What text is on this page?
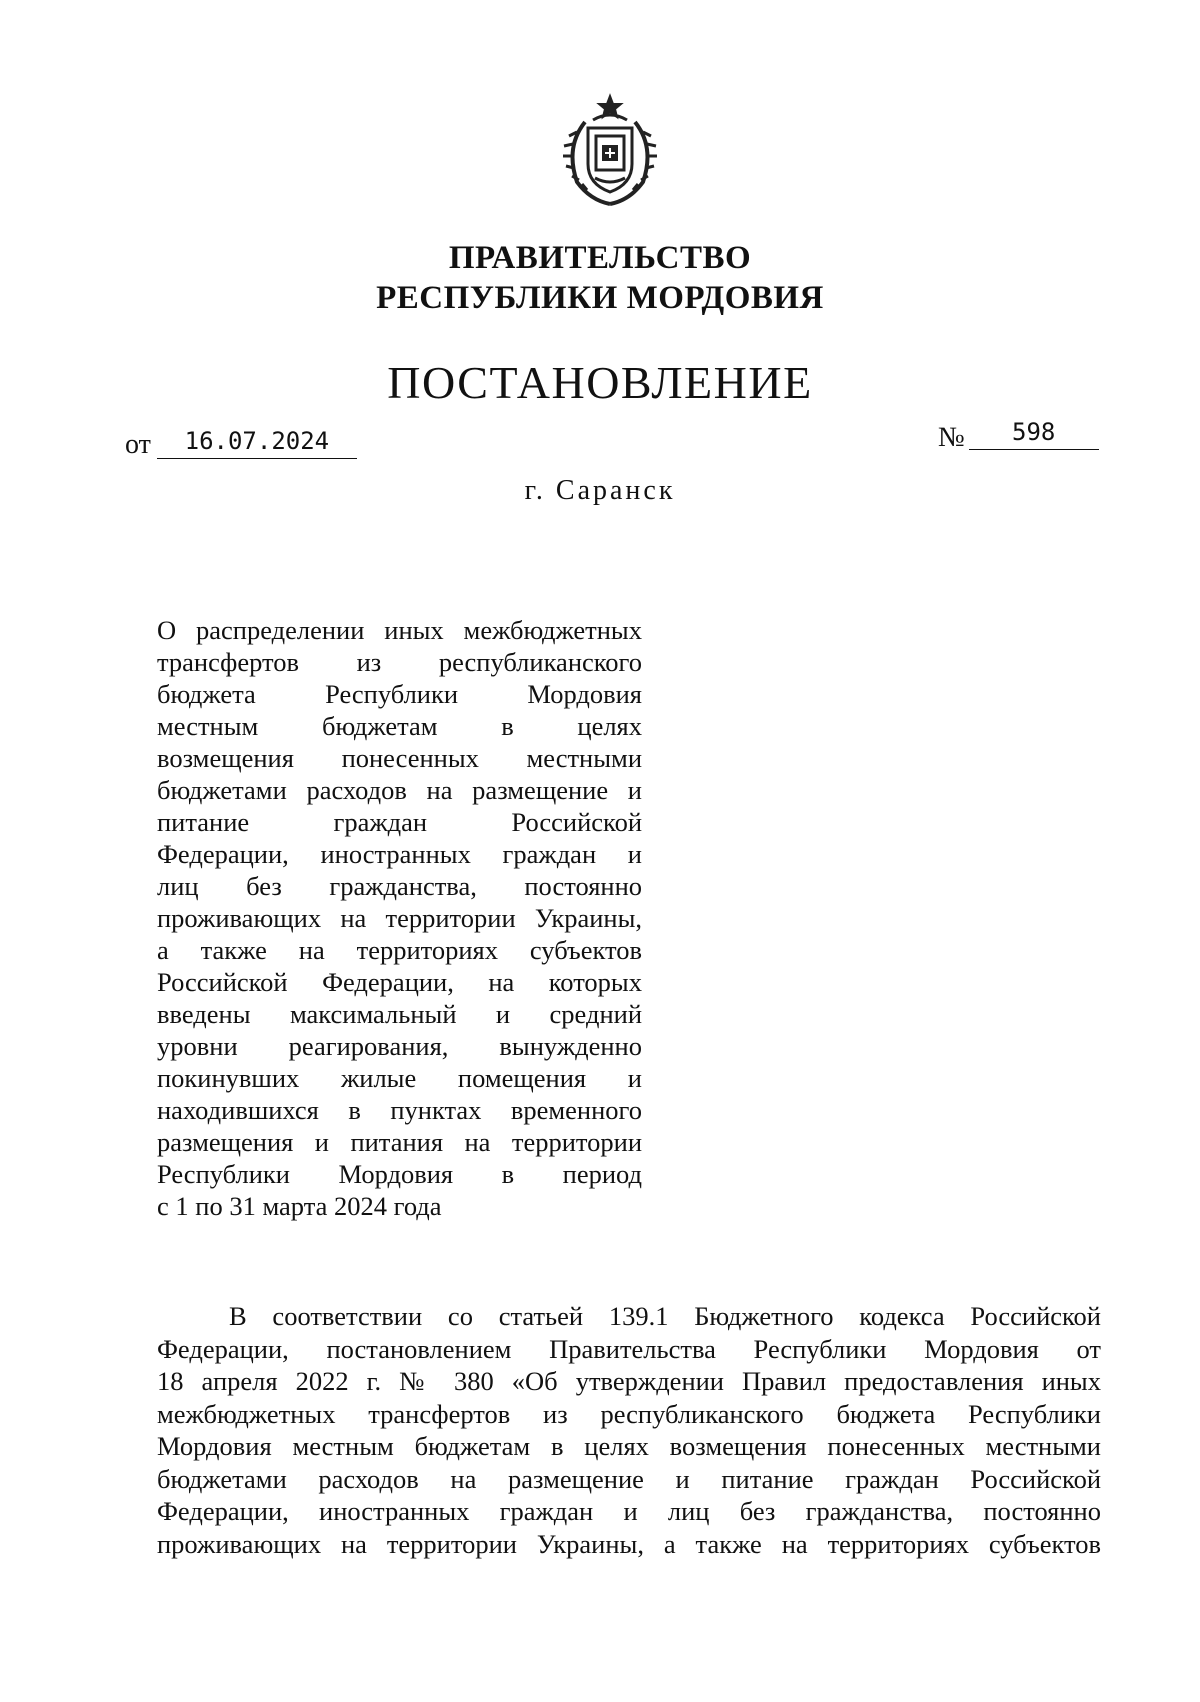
ПРАВИТЕЛЬСТВО
РЕСПУБЛИКИ МОРДОВИЯ
ПОСТАНОВЛЕНИЕ
от 16.07.2024	№ 598
г. Саранск
О распределении иных межбюджетных
трансфертов из республиканского
бюджета Республики Мордовия
местным бюджетам в целях
возмещения понесенных местными
бюджетами расходов на размещение и
питание граждан Российской
Федерации, иностранных граждан и
лиц без гражданства, постоянно
проживающих на территории Украины,
а также на территориях субъектов
Российской Федерации, на которых
введены максимальный и средний
уровни реагирования, вынужденно
покинувших жилые помещения и
находившихся в пунктах временного
размещения и питания на территории
Республики Мордовия в период
с 1 по 31 марта 2024 года
В соответствии со статьей 139.1 Бюджетного кодекса Российской
Федерации, постановлением Правительства Республики Мордовия от
18 апреля 2022 г. № 380 «Об утверждении Правил предоставления иных
межбюджетных трансфертов из республиканского бюджета Республики
Мордовия местным бюджетам в целях возмещения понесенных местными
бюджетами расходов на размещение и питание граждан Российской
Федерации, иностранных граждан и лиц без гражданства, постоянно
проживающих на территории Украины, а также на территориях субъектов
